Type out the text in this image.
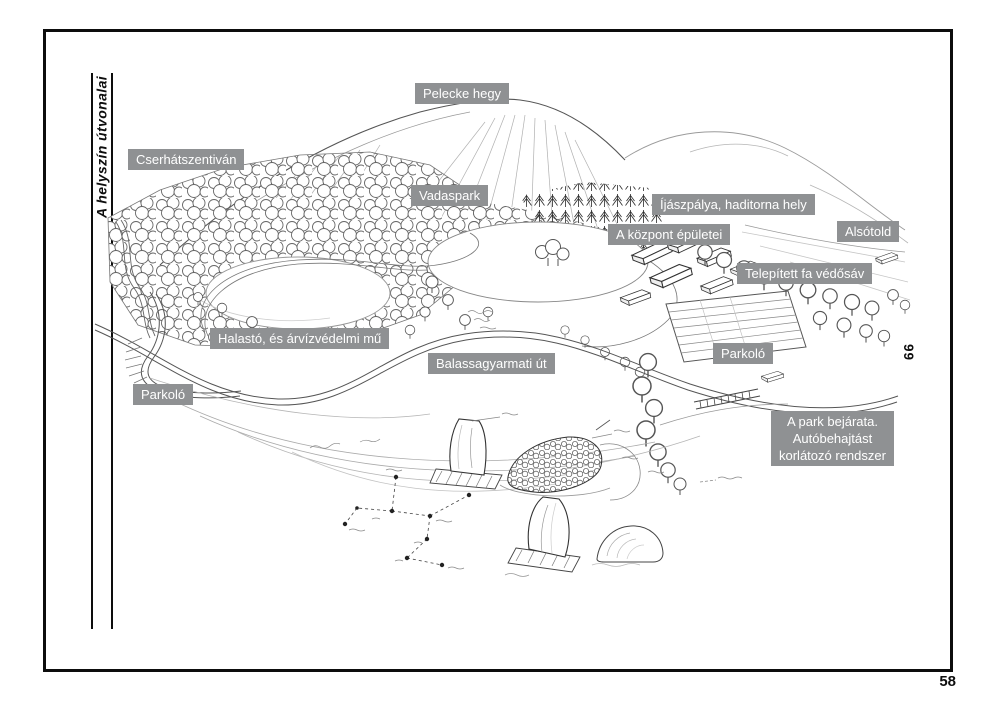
A helyszín útvonalai	Pelecke hegy
Cserhátszentiván
Vadaspark
Íjászpálya, haditorna hely
A központ épületei	Alsótold
Telepített fa védősáv
Parkoló
Halastó, és árvízvédelmi mű
Balassagyarmati út
Parkoló
A park bejárata.
Autóbehajtást
korlátozó rendszer
99
58
